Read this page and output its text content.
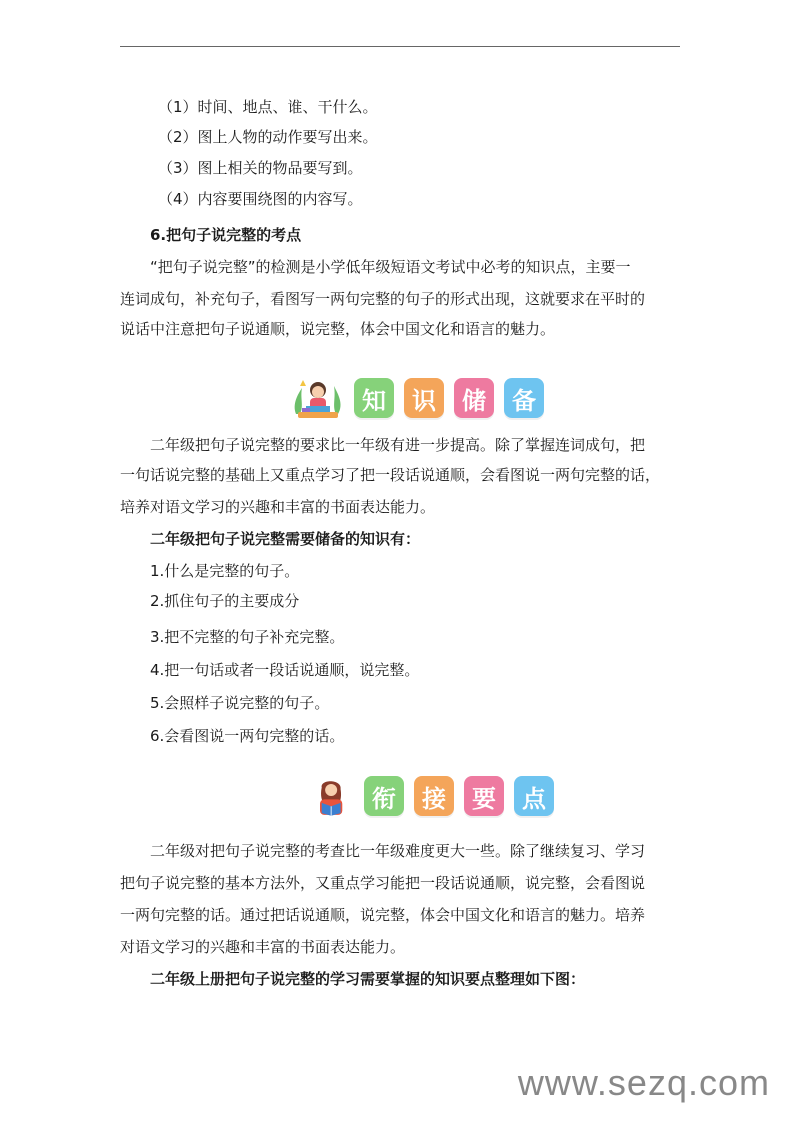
（1）时间、地点、谁、干什么。
（2）图上人物的动作要写出来。
（3）图上相关的物品要写到。
（4）内容要围绕图的内容写。
6.把句子说完整的考点
“把句子说完整”的检测是小学低年级短语文考试中必考的知识点，主要一
连词成句，补充句子，看图写一两句完整的句子的形式出现，这就要求在平时的
说话中注意把句子说通顺，说完整，体会中国文化和语言的魅力。
知	识	储	备
二年级把句子说完整的要求比一年级有进一步提高。除了掌握连词成句，把
一句话说完整的基础上又重点学习了把一段话说通顺，会看图说一两句完整的话，
培养对语文学习的兴趣和丰富的书面表达能力。
二年级把句子说完整需要储备的知识有：
1.什么是完整的句子。
2.抓住句子的主要成分
3.把不完整的句子补充完整。
4.把一句话或者一段话说通顺，说完整。
5.会照样子说完整的句子。
6.会看图说一两句完整的话。
衔	接	要	点
二年级对把句子说完整的考查比一年级难度更大一些。除了继续复习、学习
把句子说完整的基本方法外，又重点学习能把一段话说通顺，说完整，会看图说
一两句完整的话。通过把话说通顺，说完整，体会中国文化和语言的魅力。培养
对语文学习的兴趣和丰富的书面表达能力。
二年级上册把句子说完整的学习需要掌握的知识要点整理如下图：
www.sezq.com
